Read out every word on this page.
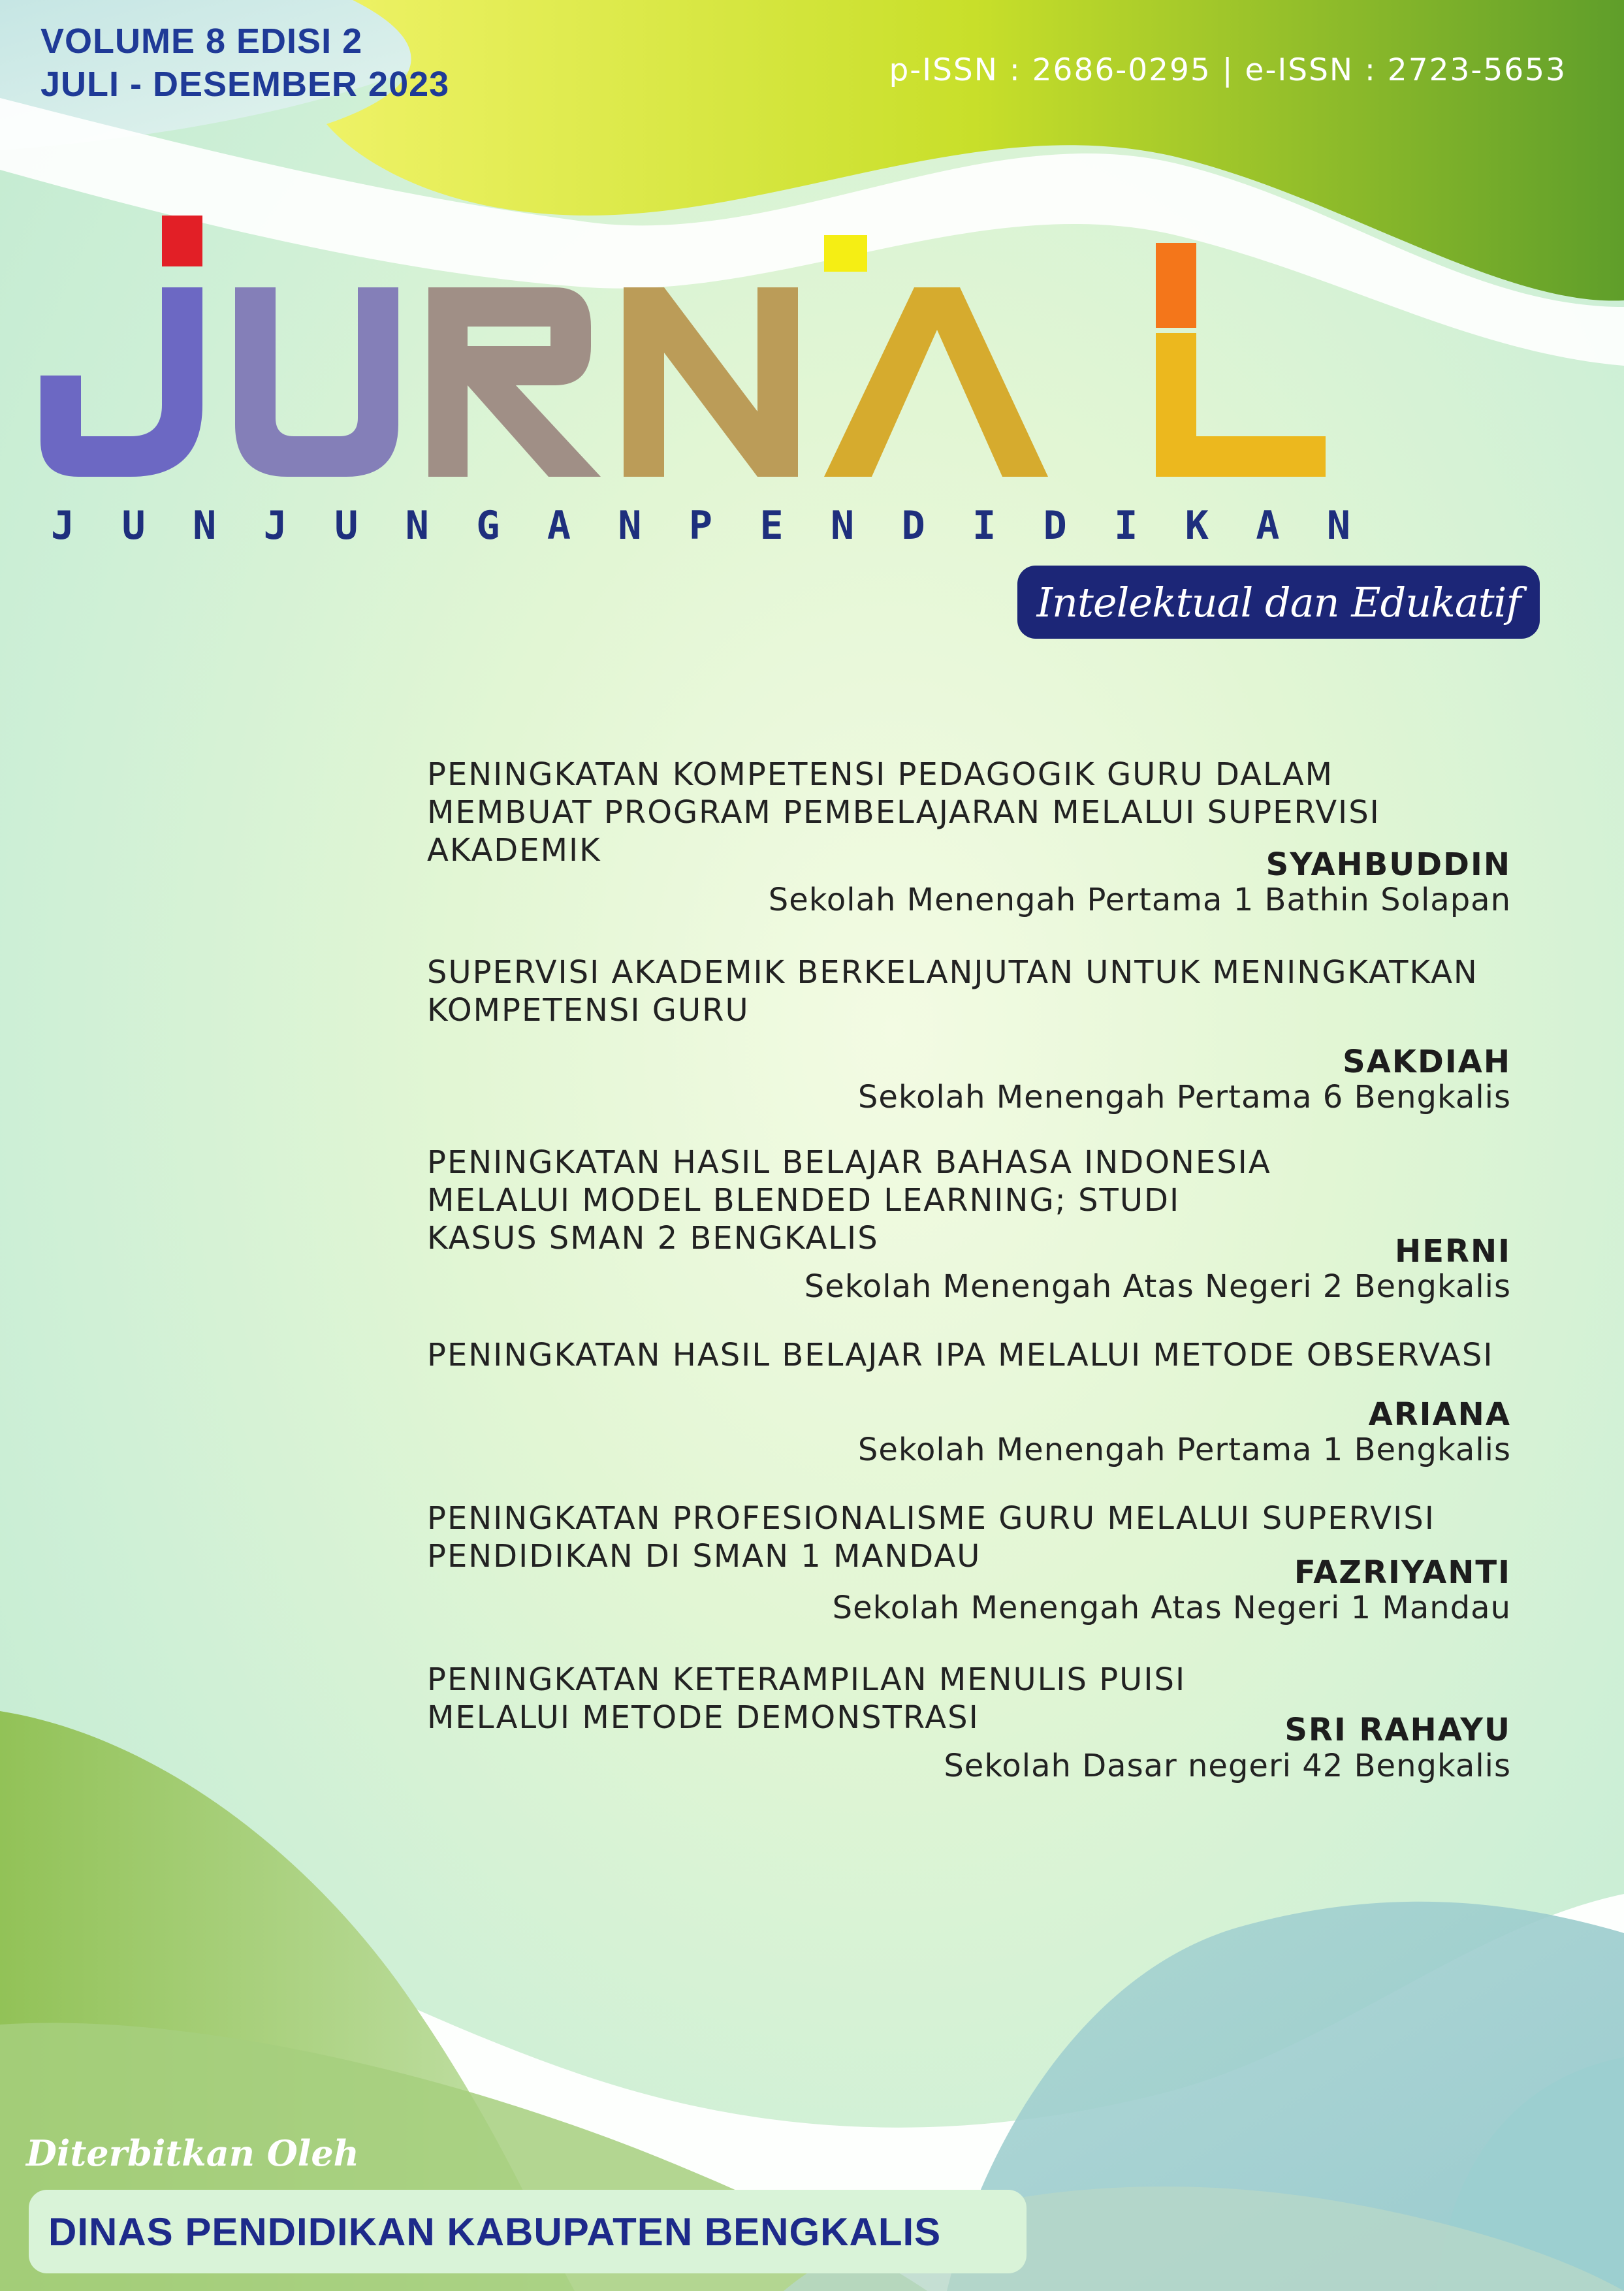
VOLUME 8 EDISI 2
JULI - DESEMBER 2023	p-ISSN : 2686-0295 | e-ISSN : 2723-5653
J U N J U N G A N P E N D I D I K A N
Intelektual dan Edukatif
PENINGKATAN KOMPETENSI PEDAGOGIK GURU DALAM
MEMBUAT PROGRAM PEMBELAJARAN MELALUI SUPERVISI
AKADEMIK	SYAHBUDDIN
Sekolah Menengah Pertama 1 Bathin Solapan
SUPERVISI AKADEMIK BERKELANJUTAN UNTUK MENINGKATKAN
KOMPETENSI GURU
SAKDIAH
Sekolah Menengah Pertama 6 Bengkalis
PENINGKATAN HASIL BELAJAR BAHASA INDONESIA
MELALUI MODEL BLENDED LEARNING; STUDI
KASUS SMAN 2 BENGKALIS	HERNI
Sekolah Menengah Atas Negeri 2 Bengkalis
PENINGKATAN HASIL BELAJAR IPA MELALUI METODE OBSERVASI
ARIANA
Sekolah Menengah Pertama 1 Bengkalis
PENINGKATAN PROFESIONALISME GURU MELALUI SUPERVISI
PENDIDIKAN DI SMAN 1 MANDAU	FAZRIYANTI
Sekolah Menengah Atas Negeri 1 Mandau
PENINGKATAN KETERAMPILAN MENULIS PUISI
MELALUI METODE DEMONSTRASI	SRI RAHAYU
Sekolah Dasar negeri 42 Bengkalis
Diterbitkan Oleh
DINAS PENDIDIKAN KABUPATEN BENGKALIS
